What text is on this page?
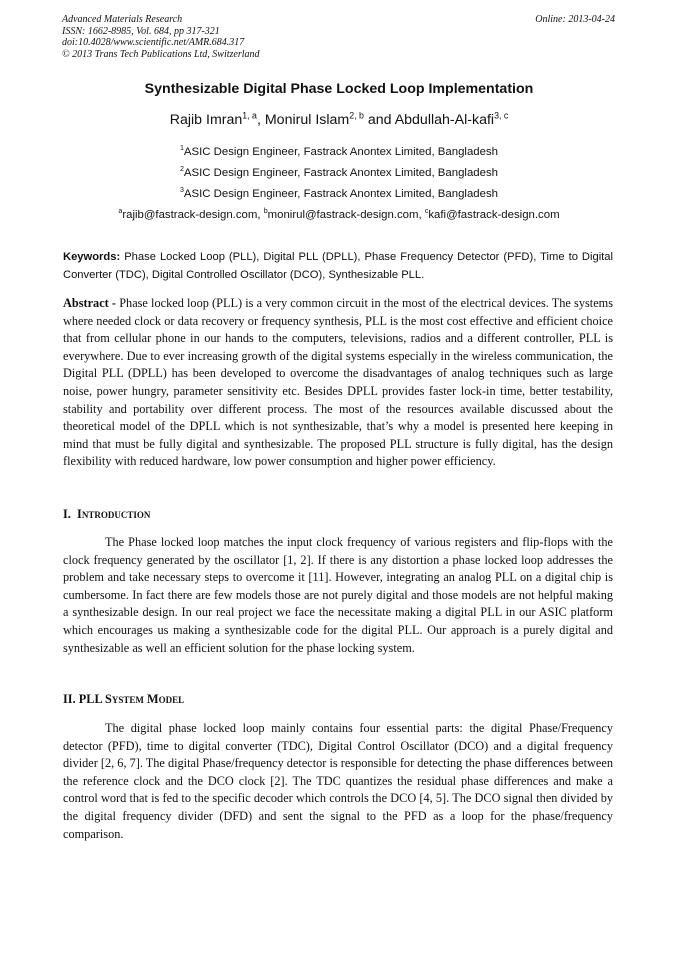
Advanced Materials Research
ISSN: 1662-8985, Vol. 684, pp 317-321
doi:10.4028/www.scientific.net/AMR.684.317
© 2013 Trans Tech Publications Ltd, Switzerland
Online: 2013-04-24
Synthesizable Digital Phase Locked Loop Implementation
Rajib Imran$^{1, a}$, Monirul Islam$^{2, b}$ and Abdullah-Al-kafi$^{3, c}$
$^1$ASIC Design Engineer, Fastrack Anontex Limited, Bangladesh
$^2$ASIC Design Engineer, Fastrack Anontex Limited, Bangladesh
$^3$ASIC Design Engineer, Fastrack Anontex Limited, Bangladesh
$^a$rajib@fastrack-design.com, $^b$monirul@fastrack-design.com, $^c$kafi@fastrack-design.com
Keywords: Phase Locked Loop (PLL), Digital PLL (DPLL), Phase Frequency Detector (PFD), Time to Digital Converter (TDC), Digital Controlled Oscillator (DCO), Synthesizable PLL.
Abstract - Phase locked loop (PLL) is a very common circuit in the most of the electrical devices. The systems where needed clock or data recovery or frequency synthesis, PLL is the most cost effective and efficient choice that from cellular phone in our hands to the computers, televisions, radios and a different controller, PLL is everywhere. Due to ever increasing growth of the digital systems especially in the wireless communication, the Digital PLL (DPLL) has been developed to overcome the disadvantages of analog techniques such as large noise, power hungry, parameter sensitivity etc. Besides DPLL provides faster lock-in time, better testability, stability and portability over different process. The most of the resources available discussed about the theoretical model of the DPLL which is not synthesizable, that’s why a model is presented here keeping in mind that must be fully digital and synthesizable. The proposed PLL structure is fully digital, has the design flexibility with reduced hardware, low power consumption and higher power efficiency.
I. Introduction
The Phase locked loop matches the input clock frequency of various registers and flip-flops with the clock frequency generated by the oscillator [1, 2]. If there is any distortion a phase locked loop addresses the problem and take necessary steps to overcome it [11]. However, integrating an analog PLL on a digital chip is cumbersome. In fact there are few models those are not purely digital and those models are not helpful making a synthesizable design. In our real project we face the necessitate making a digital PLL in our ASIC platform which encourages us making a synthesizable code for the digital PLL. Our approach is a purely digital and synthesizable as well an efficient solution for the phase locking system.
II. PLL System Model
The digital phase locked loop mainly contains four essential parts: the digital Phase/Frequency detector (PFD), time to digital converter (TDC), Digital Control Oscillator (DCO) and a digital frequency divider [2, 6, 7]. The digital Phase/frequency detector is responsible for detecting the phase differences between the reference clock and the DCO clock [2]. The TDC quantizes the residual phase differences and make a control word that is fed to the specific decoder which controls the DCO [4, 5]. The DCO signal then divided by the digital frequency divider (DFD) and sent the signal to the PFD as a loop for the phase/frequency comparison.
